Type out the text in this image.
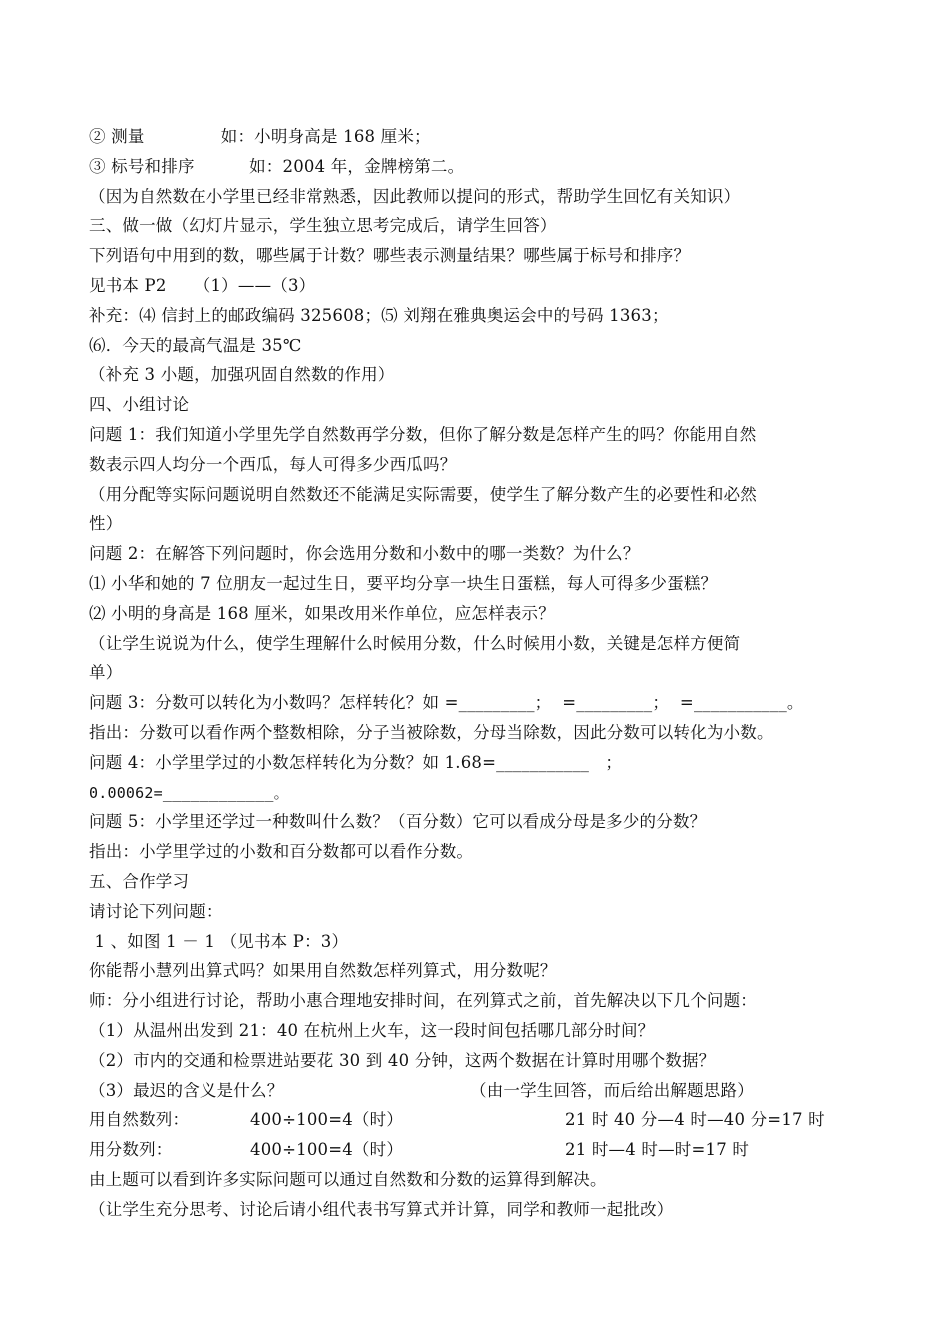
② 测量              如：小明身高是 168 厘米；
③ 标号和排序          如：2004 年，金牌榜第二。
（因为自然数在小学里已经非常熟悉，因此教师以提问的形式，帮助学生回忆有关知识）
三、做一做（幻灯片显示，学生独立思考完成后，请学生回答）
下列语句中用到的数，哪些属于计数？哪些表示测量结果？哪些属于标号和排序？
见书本 P2     （1）——（3）
补充：⑷ 信封上的邮政编码 325608；⑸ 刘翔在雅典奥运会中的号码 1363；
⑹．今天的最高气温是 35℃
（补充 3 小题，加强巩固自然数的作用）
四、小组讨论
问题 1：我们知道小学里先学自然数再学分数，但你了解分数是怎样产生的吗？你能用自然
数表示四人均分一个西瓜，每人可得多少西瓜吗？
（用分配等实际问题说明自然数还不能满足实际需要，使学生了解分数产生的必要性和必然
性）
问题 2：在解答下列问题时，你会选用分数和小数中的哪一类数？为什么？
⑴ 小华和她的 7 位朋友一起过生日，要平均分享一块生日蛋糕，每人可得多少蛋糕？
⑵ 小明的身高是 168 厘米，如果改用米作单位，应怎样表示？
（让学生说说为什么，使学生理解什么时候用分数，什么时候用小数，关键是怎样方便简
单）
问题 3：分数可以转化为小数吗？怎样转化？如 =_________；  =_________；  =___________。
指出：分数可以看作两个整数相除，分子当被除数，分母当除数，因此分数可以转化为小数。
问题 4：小学里学过的小数怎样转化为分数？如 1.68=___________   ；
0.00062=____________。
问题 5：小学里还学过一种数叫什么数？（百分数）它可以看成分母是多少的分数？
指出：小学里学过的小数和百分数都可以看作分数。
五、合作学习
请讨论下列问题：
1 、如图 1 － 1 （见书本 P：3）
你能帮小慧列出算式吗？如果用自然数怎样列算式，用分数呢？
师：分小组进行讨论，帮助小惠合理地安排时间，在列算式之前，首先解决以下几个问题：
（1）从温州出发到 21：40 在杭州上火车，这一段时间包括哪几部分时间？
（2）市内的交通和检票进站要花 30 到 40 分钟，这两个数据在计算时用哪个数据？
（3）最迟的含义是什么？	（由一学生回答，而后给出解题思路）
用自然数列：	400÷100=4（时）	21 时 40 分—4 时—40 分=17 时
用分数列：	400÷100=4（时）	21 时—4 时—时=17 时
由上题可以看到许多实际问题可以通过自然数和分数的运算得到解决。
（让学生充分思考、讨论后请小组代表书写算式并计算，同学和教师一起批改）
